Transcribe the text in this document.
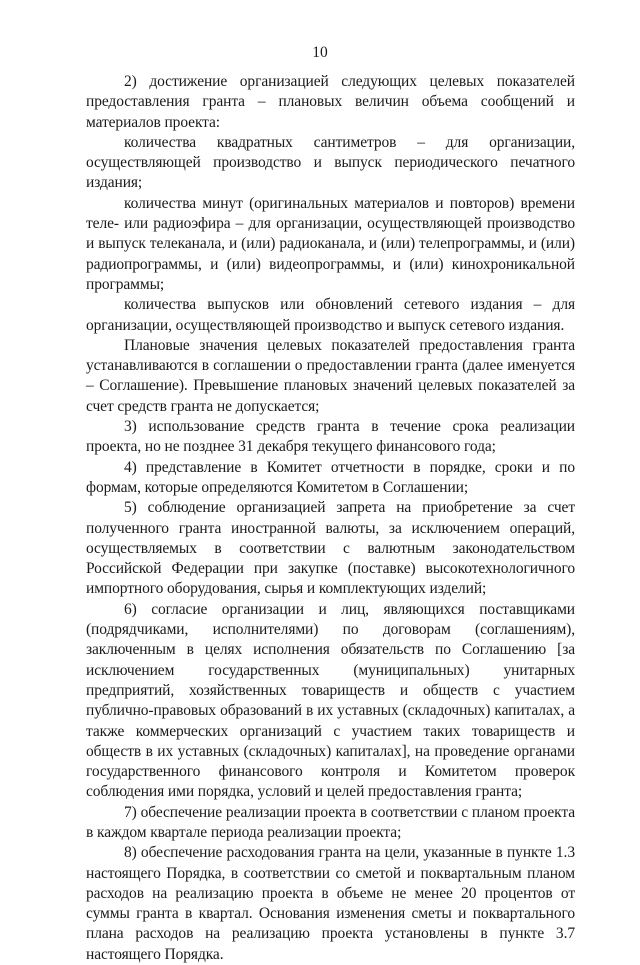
10

2) достижение организацией следующих целевых показателей предоставления гранта – плановых величин объема сообщений и материалов проекта:

количества квадратных сантиметров – для организации, осуществляющей производство и выпуск периодического печатного издания;

количества минут (оригинальных материалов и повторов) времени теле- или радиоэфира – для организации, осуществляющей производство и выпуск телеканала, и (или) радиоканала, и (или) телепрограммы, и (или) радиопрограммы, и (или) видеопрограммы, и (или) кинохроникальной программы;

количества выпусков или обновлений сетевого издания – для организации, осуществляющей производство и выпуск сетевого издания.

Плановые значения целевых показателей предоставления гранта устанавливаются в соглашении о предоставлении гранта (далее именуется – Соглашение). Превышение плановых значений целевых показателей за счет средств гранта не допускается;

3) использование средств гранта в течение срока реализации проекта, но не позднее 31 декабря текущего финансового года;

4) представление в Комитет отчетности в порядке, сроки и по формам, которые определяются Комитетом в Соглашении;

5) соблюдение организацией запрета на приобретение за счет полученного гранта иностранной валюты, за исключением операций, осуществляемых в соответствии с валютным законодательством Российской Федерации при закупке (поставке) высокотехнологичного импортного оборудования, сырья и комплектующих изделий;

6) согласие организации и лиц, являющихся поставщиками (подрядчиками, исполнителями) по договорам (соглашениям), заключенным в целях исполнения обязательств по Соглашению [за исключением государственных (муниципальных) унитарных предприятий, хозяйственных товариществ и обществ с участием публично-правовых образований в их уставных (складочных) капиталах, а также коммерческих организаций с участием таких товариществ и обществ в их уставных (складочных) капиталах], на проведение органами государственного финансового контроля и Комитетом проверок соблюдения ими порядка, условий и целей предоставления гранта;

7) обеспечение реализации проекта в соответствии с планом проекта в каждом квартале периода реализации проекта;

8) обеспечение расходования гранта на цели, указанные в пункте 1.3 настоящего Порядка, в соответствии со сметой и поквартальным планом расходов на реализацию проекта в объеме не менее 20 процентов от суммы гранта в квартал. Основания изменения сметы и поквартального плана расходов на реализацию проекта установлены в пункте 3.7 настоящего Порядка.
